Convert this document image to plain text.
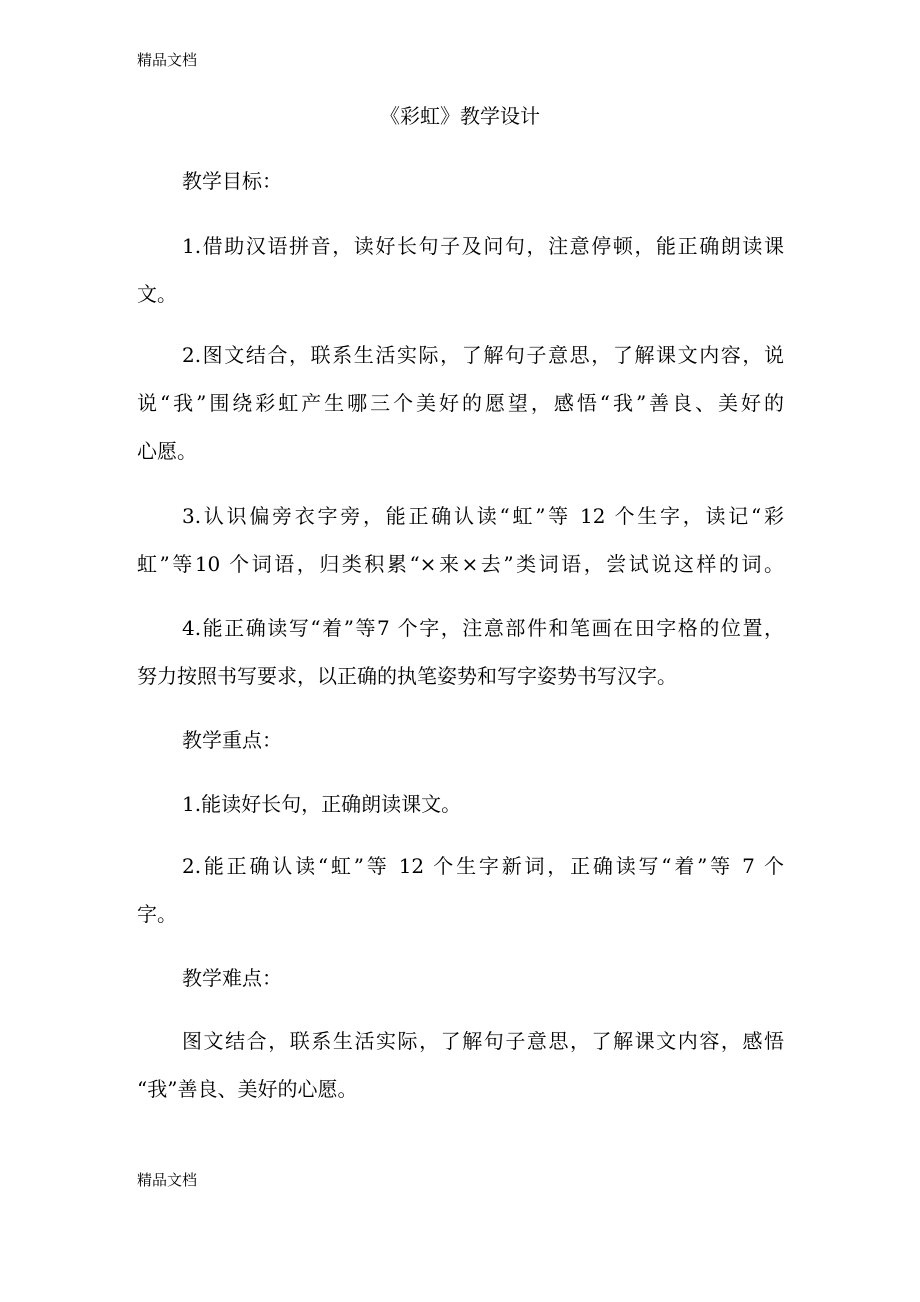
精品文档
《彩虹》教学设计
教学目标：
1.借助汉语拼音，读好长句子及问句，注意停顿，能正确朗读课
文。
2.图文结合，联系生活实际，了解句子意思，了解课文内容，说
说“我”围绕彩虹产生哪三个美好的愿望，感悟“我”善良、美好的
心愿。
3.认识偏旁衣字旁，能正确认读“虹”等 12 个生字，读记“彩
虹”等10 个词语，归类积累“×来×去”类词语，尝试说这样的词。
4.能正确读写“着”等7 个字，注意部件和笔画在田字格的位置，
努力按照书写要求，以正确的执笔姿势和写字姿势书写汉字。
教学重点：
1.能读好长句，正确朗读课文。
2.能正确认读“虹”等 12 个生字新词，正确读写“着”等 7 个
字。
教学难点：
图文结合，联系生活实际，了解句子意思，了解课文内容，感悟
“我”善良、美好的心愿。
精品文档
